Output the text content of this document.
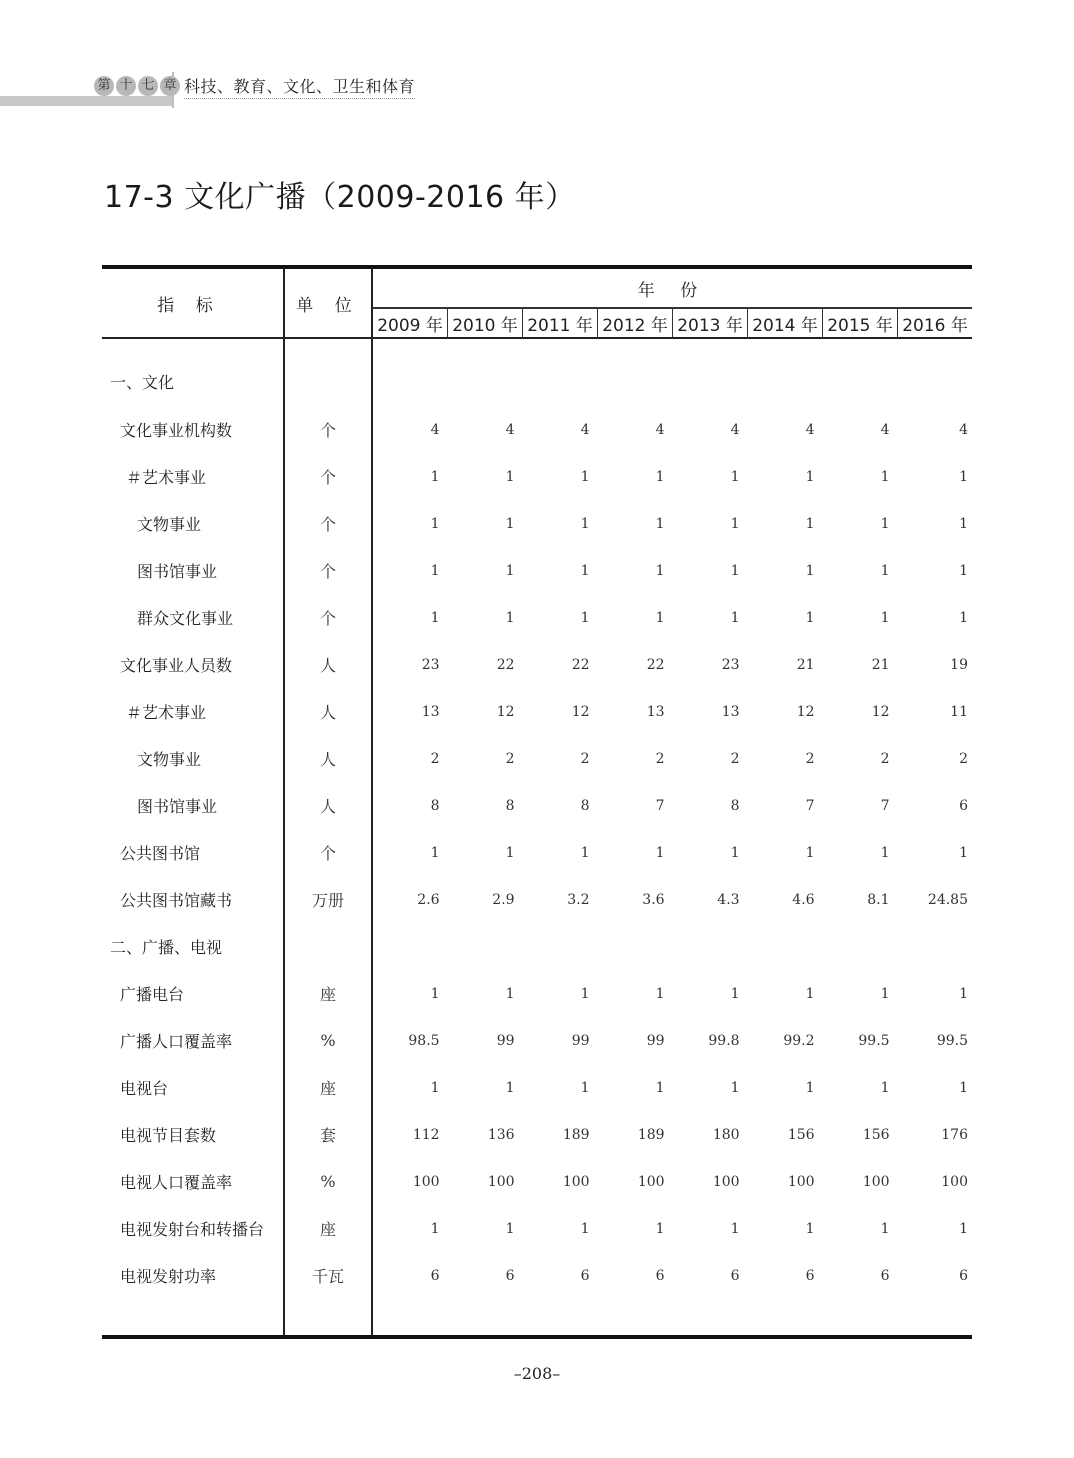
第 十 七 章 科技、教育、文化、卫生和体育
17-3 文化广播（2009-2016 年）
指 标	单 位	年 份							
		2009 年	2010 年	2011 年	2012 年	2013 年	2014 年	2015 年	2016 年
一、文化									
文化事业机构数	个	4	4	4	4	4	4	4	4
＃艺术事业	个	1	1	1	1	1	1	1	1
文物事业	个	1	1	1	1	1	1	1	1
图书馆事业	个	1	1	1	1	1	1	1	1
群众文化事业	个	1	1	1	1	1	1	1	1
文化事业人员数	人	23	22	22	22	23	21	21	19
＃艺术事业	人	13	12	12	13	13	12	12	11
文物事业	人	2	2	2	2	2	2	2	2
图书馆事业	人	8	8	8	7	8	7	7	6
公共图书馆	个	1	1	1	1	1	1	1	1
公共图书馆藏书	万册	2.6	2.9	3.2	3.6	4.3	4.6	8.1	24.85
二、广播、电视									
广播电台	座	1	1	1	1	1	1	1	1
广播人口覆盖率	%	98.5	99	99	99	99.8	99.2	99.5	99.5
电视台	座	1	1	1	1	1	1	1	1
电视节目套数	套	112	136	189	189	180	156	156	176
电视人口覆盖率	%	100	100	100	100	100	100	100	100
电视发射台和转播台	座	1	1	1	1	1	1	1	1
电视发射功率	千瓦	6	6	6	6	6	6	6	6

–208–
